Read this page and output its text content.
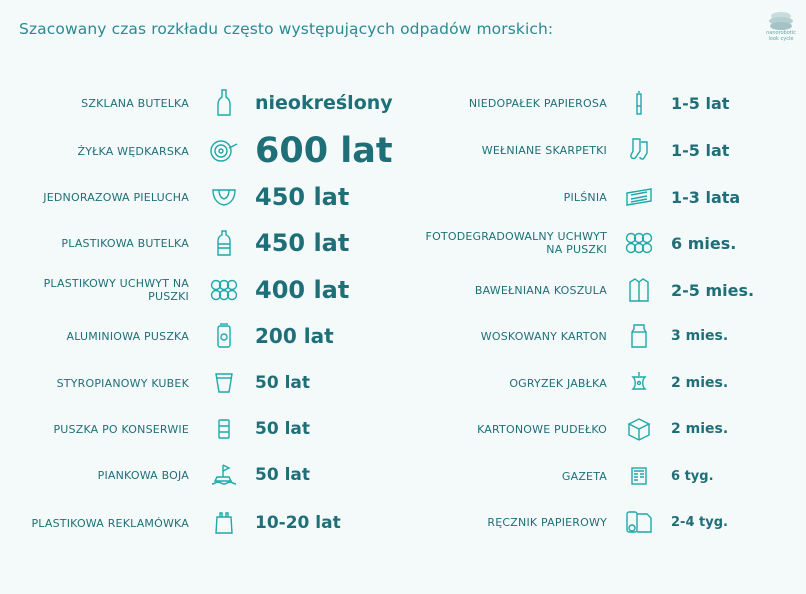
Szacowany czas rozkładu często występujących odpadów morskich:	nanorobotic
look cycle
SZKLANA BUTELKA	nieokreślony
ŻYŁKA WĘDKARSKA 600 lat
JEDNORAZOWA PIELUCHA	450 lat
PLASTIKOWA BUTELKA	450 lat
PLASTIKOWY UCHWYT NA PUSZKI	400 lat
ALUMINIOWA PUSZKA	200 lat
STYROPIANOWY KUBEK	50 lat
PUSZKA PO KONSERWIE	50 lat
PIANKOWA BOJA	50 lat
PLASTIKOWA REKLAMÓWKA	10-20 lat
NIEDOPAŁEK PAPIEROSA	1-5 lat
WEŁNIANE SKARPETKI	1-5 lat
PILŚNIA	1-3 lata
FOTODEGRADOWALNY UCHWYT NA PUSZKI	6 mies.
BAWEŁNIANA KOSZULA	2-5 mies.
WOSKOWANY KARTON	3 mies.
OGRYZEK JABŁKA	2 mies.
KARTONOWE PUDEŁKO	2 mies.
GAZETA	6 tyg.
RĘCZNIK PAPIEROWY	2-4 tyg.
